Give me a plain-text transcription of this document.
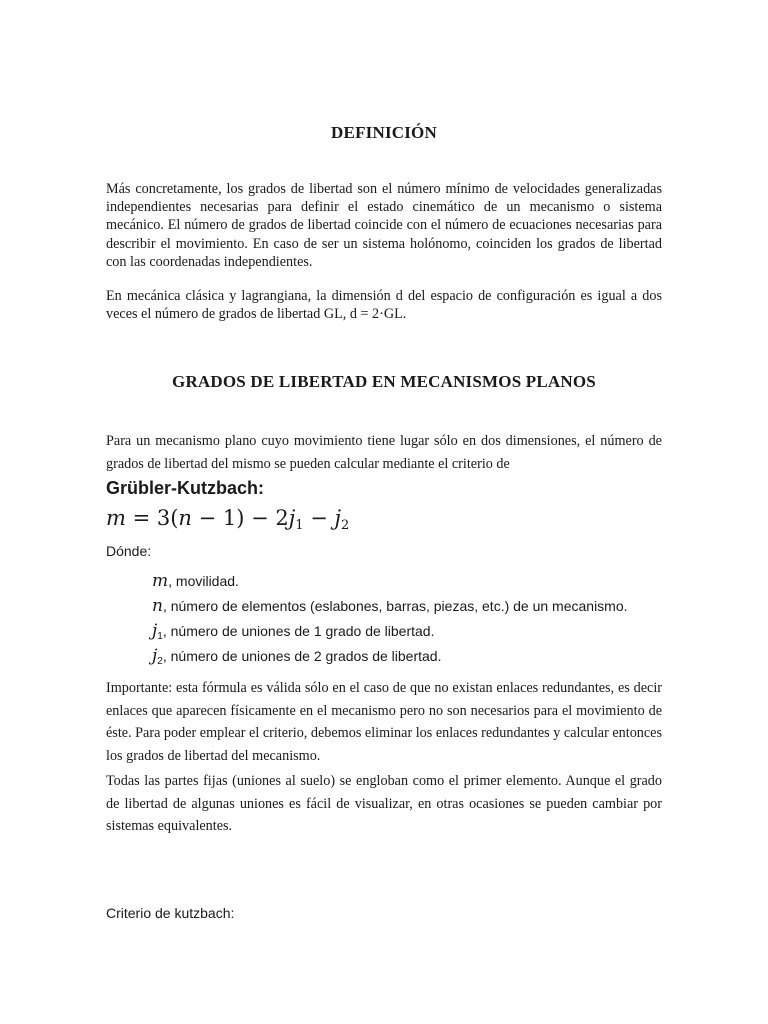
DEFINICIÓN

Más concretamente, los grados de libertad son el número mínimo de velocidades generalizadas independientes necesarias para definir el estado cinemático de un mecanismo o sistema mecánico. El número de grados de libertad coincide con el número de ecuaciones necesarias para describir el movimiento. En caso de ser un sistema holónomo, coinciden los grados de libertad con las coordenadas independientes.

En mecánica clásica y lagrangiana, la dimensión d del espacio de configuración es igual a dos veces el número de grados de libertad GL, d = 2·GL.

GRADOS DE LIBERTAD EN MECANISMOS PLANOS

Para un mecanismo plano cuyo movimiento tiene lugar sólo en dos dimensiones, el número de grados de libertad del mismo se pueden calcular mediante el criterio de

Grübler-Kutzbach:
m = 3(n − 1) − 2j1 − j2
Dónde:
m, movilidad.
n, número de elementos (eslabones, barras, piezas, etc.) de un mecanismo.
$j_1$, número de uniones de 1 grado de libertad.
$j_2$, número de uniones de 2 grados de libertad.

Importante: esta fórmula es válida sólo en el caso de que no existan enlaces redundantes, es decir enlaces que aparecen físicamente en el mecanismo pero no son necesarios para el movimiento de éste. Para poder emplear el criterio, debemos eliminar los enlaces redundantes y calcular entonces los grados de libertad del mecanismo.

Todas las partes fijas (uniones al suelo) se engloban como el primer elemento. Aunque el grado de libertad de algunas uniones es fácil de visualizar, en otras ocasiones se pueden cambiar por sistemas equivalentes.

Criterio de kutzbach:
